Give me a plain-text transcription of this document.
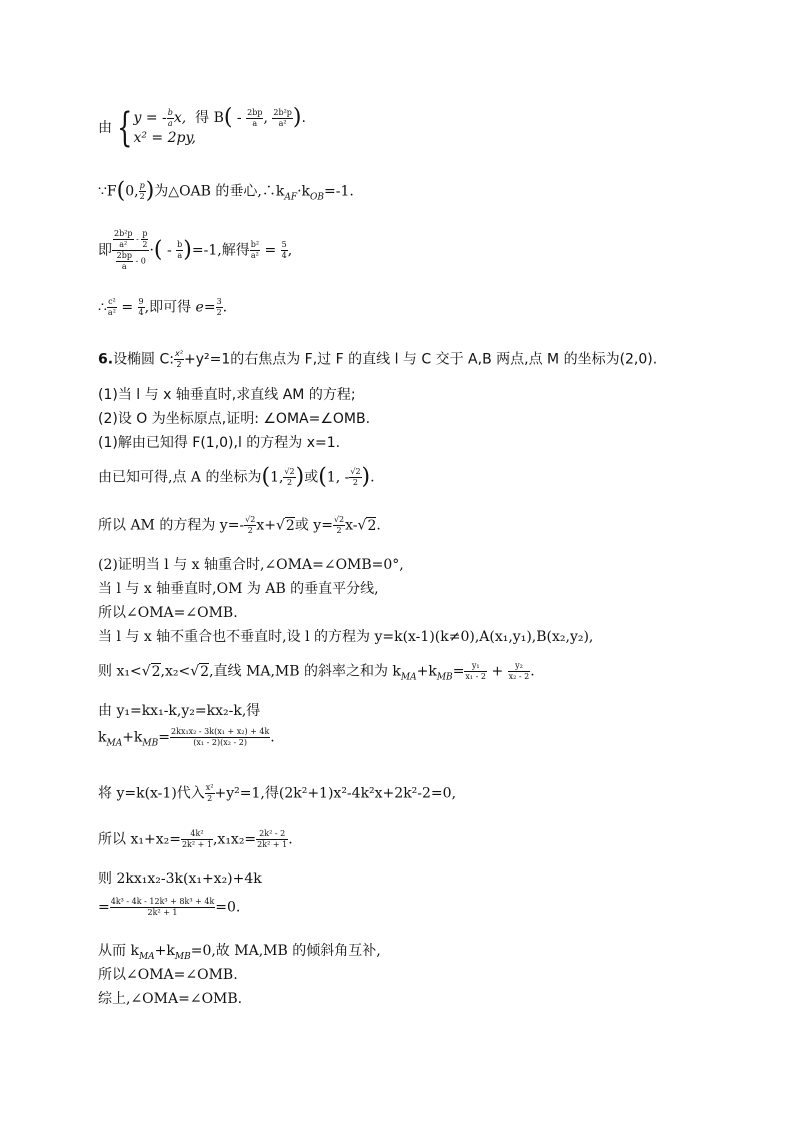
由 { y = - $\frac{b}{a} x$, 得 $B( - \frac{2bp}{a}$ , $\frac{\text{2b²p}}{\text{a²}}$ ).
x² = 2py,
∵F(0, $\frac{p}{2}$ )为△OAB 的垂心$,\therefore k_{AF}\cdot k_{OB}=-1$.
即 $\frac{\frac{\text{2b²p}}{\text{a²}} - \frac{p}{2}}{\frac{2bp}{a} - 0}$ ·( - $\frac{b}{a} )=-1$,解得 $\frac{\text{b²}}{\text{a²}} = \frac{5}{4}$ ,
∴ $\frac{\text{c²}}{\text{a²}} = \frac{9}{4}$ ,即可得 $e= \frac{3}{2}$ .
6.设椭圆 C: $\frac{\text{x²}}{2} +y^2=1$的右焦点为 F,过 F 的直线 l 与 C 交于 A,B 两点,点 M 的坐标为(2,0).
(1)当 l 与 x 轴垂直时,求直线 AM 的方程;
(2)设 O 为坐标原点,证明: ∠OMA=∠OMB.
(1)解由已知得 F(1,0),l 的方程为 x=1.
由已知可得,点 A 的坐标为(1, $\frac{√2}{2}$ )或(1, - $\frac{√2}{2}$ ).
所以 AM 的方程为 $y=- \frac{√2}{2} x+√2$或 $y= \frac{√2}{2} x-√2$.
(2)证明当 l 与 x 轴重合时,∠OMA=∠OMB=0°,
当 l 与 x 轴垂直时,OM 为 AB 的垂直平分线,
所以∠OMA=∠OMB.
当 l 与 x 轴不重合也不垂直时,设 l 的方程为 y=k(x-1)(k≠0),A(x₁,y₁),B(x₂,y₂),
则 x₁<√2,x₂<√2,直线 MA,MB 的斜率之和为 $k_{MA}+k_{MB}= \frac{\text{y₁}}{\text{x₁ - 2}} + \frac{\text{y₂}}{\text{x₂ - 2}}$ .
由 y₁=kx₁-k,y₂=kx₂-k,得
$k_{MA}+k_{MB}= \frac{\text{2kx₁x₂ - 3k(x₁ + x₂) + 4k}}{\text{(x₁ - 2)(x₂ - 2)}}$ .
将 y=k(x-1)代入 $\frac{\text{x²}}{2} +y^2=1$,得(2k²+1)x²-4k²x+2k²-2=0,
所以 $x_1+x_2= \frac{\text{4k²}}{\text{2k² + 1}} ,x_1x_2= \frac{\text{2k² - 2}}{\text{2k² + 1}}$ .
则 2kx₁x₂-3k(x₁+x₂)+4k
= $\frac{\text{4k³ - 4k - 12k³ + 8k³ + 4k}}{\text{2k² + 1}} =0$.
从而 $k_{MA}+k_{MB}=0$,故 MA,MB 的倾斜角互补,
所以∠OMA=∠OMB.
综上,∠OMA=∠OMB.
